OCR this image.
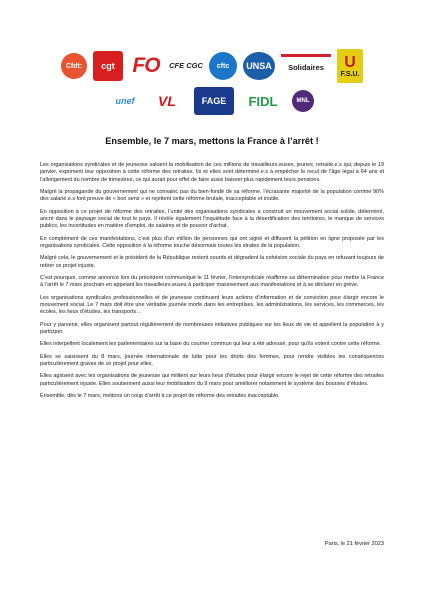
Cfdt:	cgt FO	CFE CGC	cftc	UNSA	Solidaires	U
F.S.U.
unef	VL	FAGE	FIDL	MNL
Ensemble, le 7 mars, mettons la France à l’arrêt !

Les organisations syndicales et de jeunesse saluent la mobilisation de ces millions de travailleurs.euses, jeunes, retraité.e.s qui, depuis le 19 janvier, expriment leur opposition à cette réforme des retraites. Ils et elles sont déterminé.e.s à empêcher le recul de l’âge légal à 64 ans et l’allongement du nombre de trimestres, ce qui aurait pour effet de faire aussi baisser plus rapidement leurs pensions.

Malgré la propagande du gouvernement qui ne convainc pas du bien-fondé de sa réforme, l’écrasante majorité de la population comme 90% des salarié.e.s font preuve de « bon sens » et rejettent cette réforme brutale, inacceptable et inutile.

En opposition à ce projet de réforme des retraites, l’unité des organisations syndicales a construit un mouvement social solide, déterminé, ancré dans le paysage social de tout le pays. Il révèle également l’inquiétude face à la désertification des territoires, le manque de services publics, les incertitudes en matière d’emploi, de salaires et de pouvoir d’achat.

En complément de ces manifestations, c’est plus d’un million de personnes qui ont signé et diffusent la pétition en ligne proposée par les organisations syndicales. Cette opposition à la réforme touche désormais toutes les strates de la population.

Malgré cela, le gouvernement et le président de la République restent sourds et dégradent la cohésion sociale du pays en refusant toujours de retirer ce projet injuste.

C’est pourquoi, comme annoncé lors du précédent communiqué le 11 février, l’intersyndicale réaffirme sa détermination pour mettre la France à l’arrêt le 7 mars prochain en appelant les travailleurs.euses à participer massivement aux manifestations et à se déclarer en grève.

Les organisations syndicales professionnelles et de jeunesse continuent leurs actions d’information et de conviction pour élargir encore le mouvement social. Le 7 mars doit être une véritable journée morte dans les entreprises, les administrations, les services, les commerces, les écoles, les lieux d’études, les transports…

Pour y parvenir, elles organisent partout régulièrement de nombreuses initiatives publiques sur les lieux de vie et appellent la population à y participer.

Elles interpellent localement les parlementaires sur la base du courrier commun qui leur a été adressé, pour qu’ils votent contre cette réforme.

Elles se saisissent du 8 mars, journée internationale de lutte pour les droits des femmes, pour rendre visibles les conséquences particulièrement graves de ce projet pour elles.

Elles agissent avec les organisations de jeunesse qui militent sur leurs lieux d’études pour élargir encore le rejet de cette réforme des retraites particulièrement injuste. Elles soutiennent aussi leur mobilisation du 9 mars pour améliorer notamment le système des bourses d’études.

Ensemble, dès le 7 mars, mettons un coup d’arrêt à ce projet de réforme des retraites inacceptable.

Paris, le 21 février 2023
